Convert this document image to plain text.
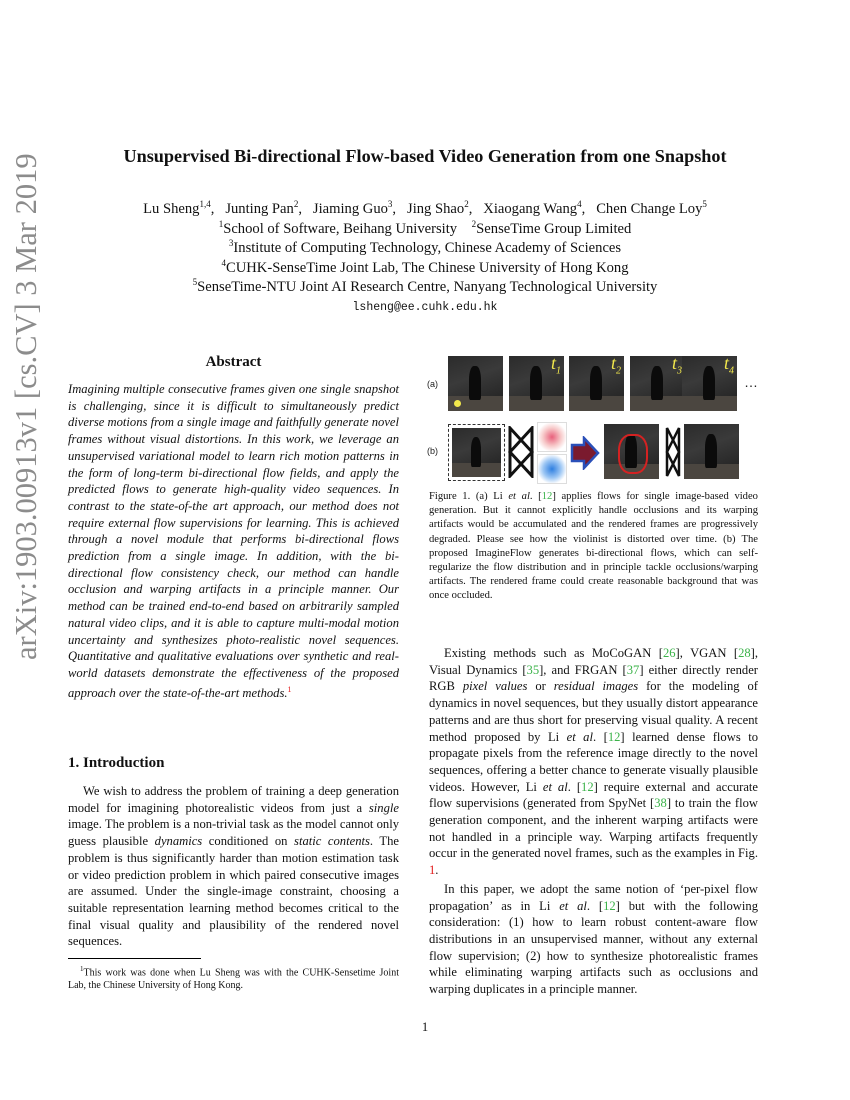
arXiv:1903.00913v1 [cs.CV] 3 Mar 2019	Unsupervised Bi-directional Flow-based Video Generation from one Snapshot
Lu Sheng$^{1,4}$,   Junting Pan$^2$,   Jiaming Guo$^3$,   Jing Shao$^2$,   Xiaogang Wang$^4$,   Chen Change Loy$^5$
$^1$School of Software, Beihang University $^2$SenseTime Group Limited
$^3$Institute of Computing Technology, Chinese Academy of Sciences
$^4$CUHK-SenseTime Joint Lab, The Chinese University of Hong Kong
$^5$SenseTime-NTU Joint AI Research Centre, Nanyang Technological University
lsheng@ee.cuhk.edu.hk
Abstract
Imagining multiple consecutive frames given one single snapshot is challenging, since it is difficult to simultaneously predict diverse motions from a single image and faithfully generate novel frames without visual distortions. In this work, we leverage an unsupervised variational model to learn rich motion patterns in the form of long-term bi-directional flow fields, and apply the predicted flows to generate high-quality video sequences. In contrast to the state-of-the art approach, our method does not require external flow supervisions for learning. This is achieved through a novel module that performs bi-directional flows prediction from a single image. In addition, with the bi-directional flow consistency check, our method can handle occlusion and warping artifacts in a principle manner. Our method can be trained end-to-end based on arbitrarily sampled natural video clips, and it is able to capture multi-modal motion uncertainty and synthesizes photo-realistic novel sequences. Quantitative and qualitative evaluations over synthetic and real-world datasets demonstrate the effectiveness of the proposed approach over the state-of-the-art methods.$^1$
1. Introduction

We wish to address the problem of training a deep generation model for imagining photorealistic videos from just a single image. The problem is a non-trivial task as the model cannot only guess plausible dynamics conditioned on static contents. The problem is thus significantly harder than motion estimation task or video prediction problem in which paired consecutive images are assumed. Under the single-image constraint, choosing a suitable representation learning method becomes critical to the final visual quality and plausibility of the rendered novel sequences.

$^1$This work was done when Lu Sheng was with the CUHK-Sensetime Joint Lab, the Chinese University of Hong Kong.

(a)
(b)
$t_1$	$t_2$	$t_3$ $t_4$
…
Figure 1. (a) Li et al. [12] applies flows for single image-based video generation. But it cannot explicitly handle occlusions and its warping artifacts would be accumulated and the rendered frames are progressively degraded. Please see how the violinist is distorted over time. (b) The proposed ImagineFlow generates bi-directional flows, which can self-regularize the flow distribution and in principle tackle occlusions/warping artifacts. The rendered frame could create reasonable background that was once occluded.

Existing methods such as MoCoGAN [26], VGAN [28], Visual Dynamics [35], and FRGAN [37] either directly render RGB pixel values or residual images for the modeling of dynamics in novel sequences, but they usually distort appearance patterns and are thus short for preserving visual quality. A recent method proposed by Li et al. [12] learned dense flows to propagate pixels from the reference image directly to the novel sequences, offering a better chance to generate visually plausible videos. However, Li et al. [12] require external and accurate flow supervisions (generated from SpyNet [38] to train the flow generation component, and the inherent warping artifacts were not handled in a principle way. Warping artifacts frequently occur in the generated novel frames, such as the examples in Fig. 1.

In this paper, we adopt the same notion of ‘per-pixel flow propagation’ as in Li et al. [12] but with the following consideration: (1) how to learn robust content-aware flow distributions in an unsupervised manner, without any external flow supervision; (2) how to synthesize photorealistic frames while eliminating warping artifacts such as occlusions and warping duplicates in a principle manner.

1
